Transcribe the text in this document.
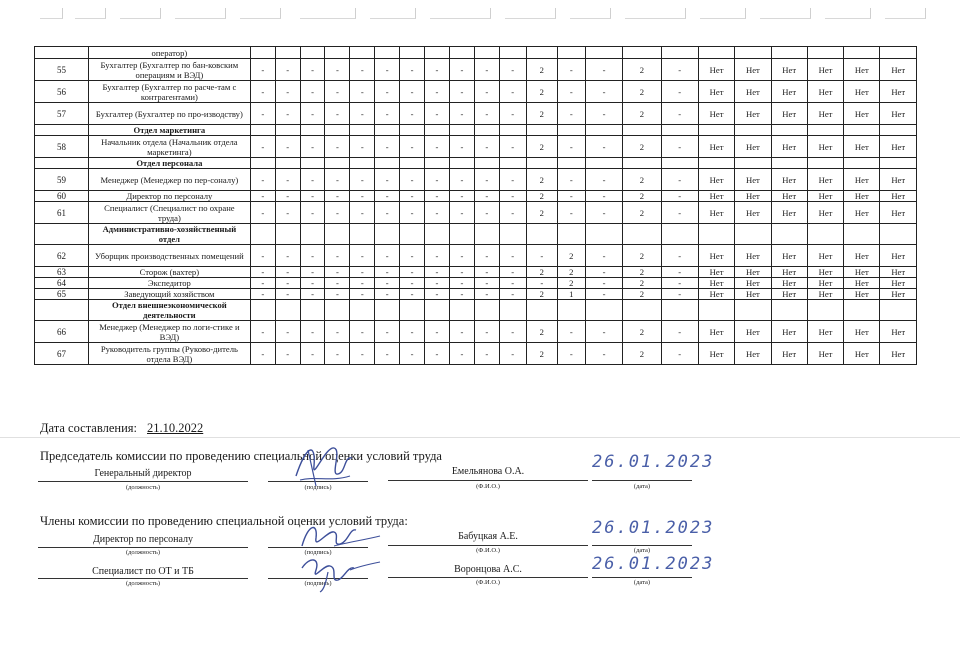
	оператор)																						
55	Бухгалтер (Бухгалтер по бан-ковским операциям и ВЭД)	-	-	-	-	-	-	-	-	-	-	-	2	-	-	2	-	Нет	Нет	Нет	Нет	Нет	Нет
56	Бухгалтер (Бухгалтер по расче-там с контрагентами)	-	-	-	-	-	-	-	-	-	-	-	2	-	-	2	-	Нет	Нет	Нет	Нет	Нет	Нет
57	Бухгалтер (Бухгалтер по про-изводству)	-	-	-	-	-	-	-	-	-	-	-	2	-	-	2	-	Нет	Нет	Нет	Нет	Нет	Нет
	Отдел маркетинга																						
58	Начальник отдела (Начальник отдела маркетинга)	-	-	-	-	-	-	-	-	-	-	-	2	-	-	2	-	Нет	Нет	Нет	Нет	Нет	Нет
	Отдел персонала																						
59	Менеджер (Менеджер по пер-соналу)	-	-	-	-	-	-	-	-	-	-	-	2	-	-	2	-	Нет	Нет	Нет	Нет	Нет	Нет
60	Директор по персоналу	-	-	-	-	-	-	-	-	-	-	-	2	-	-	2	-	Нет	Нет	Нет	Нет	Нет	Нет
61	Специалист (Специалист по охране труда)	-	-	-	-	-	-	-	-	-	-	-	2	-	-	2	-	Нет	Нет	Нет	Нет	Нет	Нет
	Административно-хозяйственный отдел																						
62	Уборщик производственных помещений	-	-	-	-	-	-	-	-	-	-	-	-	2	-	2	-	Нет	Нет	Нет	Нет	Нет	Нет
63	Сторож (вахтер)	-	-	-	-	-	-	-	-	-	-	-	2	2	-	2	-	Нет	Нет	Нет	Нет	Нет	Нет
64	Экспедитор	-	-	-	-	-	-	-	-	-	-	-	-	2	-	2	-	Нет	Нет	Нет	Нет	Нет	Нет
65	Заведующий хозяйством	-	-	-	-	-	-	-	-	-	-	-	2	1	-	2	-	Нет	Нет	Нет	Нет	Нет	Нет
	Отдел внешнеэкономической деятельности																						
66	Менеджер (Менеджер по логи-стике и ВЭД)	-	-	-	-	-	-	-	-	-	-	-	2	-	-	2	-	Нет	Нет	Нет	Нет	Нет	Нет
67	Руководитель группы (Руково-дитель отдела ВЭД)	-	-	-	-	-	-	-	-	-	-	-	2	-	-	2	-	Нет	Нет	Нет	Нет	Нет	Нет
Дата составления: 21.10.2022
Председатель комиссии по проведению специальной оценки условий труда
Генеральный директор
(должность)	(подпись)
Емельянова О.А.
(Ф.И.О.)
26.01.2023
(дата)
Члены комиссии по проведению специальной оценки условий труда:
Директор по персоналу
(должность)	(подпись)
Бабуцкая А.Е.
(Ф.И.О.)
26.01.2023
(дата)
Специалист по ОТ и ТБ
(должность)	(подпись)
Воронцова А.С.
(Ф.И.О.)
26.01.2023
(дата)
